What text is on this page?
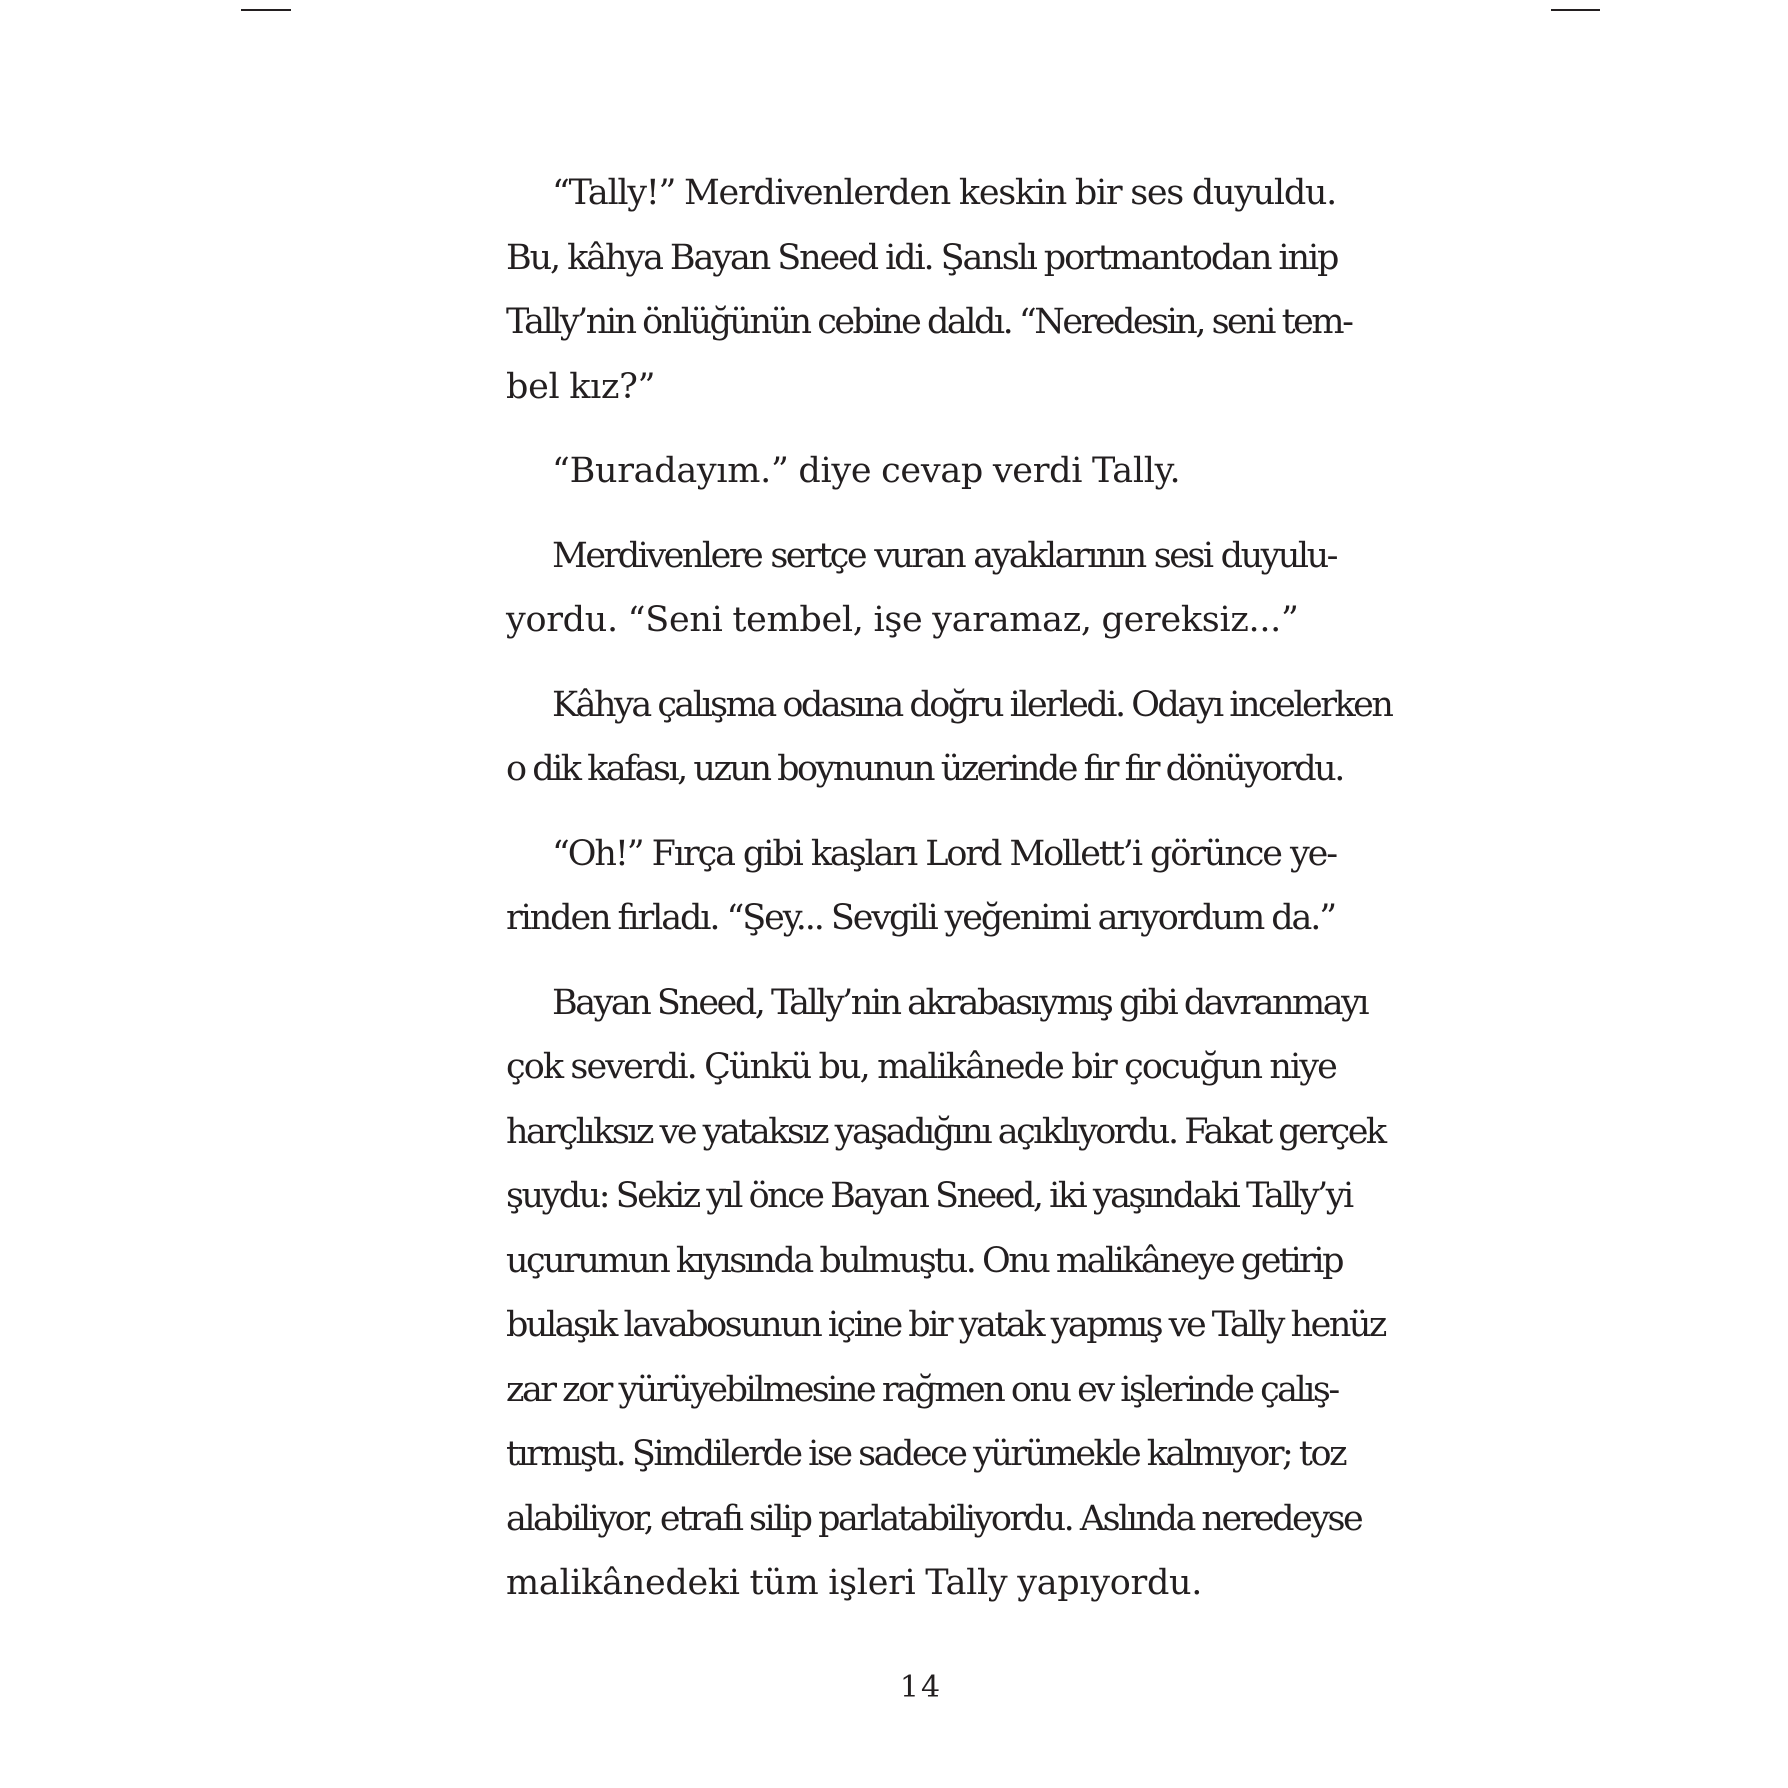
“Tally!” Merdivenlerden keskin bir ses duyuldu.
Bu, kâhya Bayan Sneed idi. Şanslı portmantodan inip
Tally’nin önlüğünün cebine daldı. “Neredesin, seni tem-
bel kız?”
“Buradayım.” diye cevap verdi Tally.
Merdivenlere sertçe vuran ayaklarının sesi duyulu-
yordu. “Seni tembel, işe yaramaz, gereksiz...”
Kâhya çalışma odasına doğru ilerledi. Odayı incelerken
o dik kafası, uzun boynunun üzerinde fır fır dönüyordu.
“Oh!” Fırça gibi kaşları Lord Mollett’i görünce ye-
rinden fırladı. “Şey... Sevgili yeğenimi arıyordum da.”
Bayan Sneed, Tally’nin akrabasıymış gibi davranmayı
çok severdi. Çünkü bu, malikânede bir çocuğun niye
harçlıksız ve yataksız yaşadığını açıklıyordu. Fakat gerçek
şuydu: Sekiz yıl önce Bayan Sneed, iki yaşındaki Tally’yi
uçurumun kıyısında bulmuştu. Onu malikâneye getirip
bulaşık lavabosunun içine bir yatak yapmış ve Tally henüz
zar zor yürüyebilmesine rağmen onu ev işlerinde çalış-
tırmıştı. Şimdilerde ise sadece yürümekle kalmıyor; toz
alabiliyor, etrafı silip parlatabiliyordu. Aslında neredeyse
malikânedeki tüm işleri Tally yapıyordu.
14
